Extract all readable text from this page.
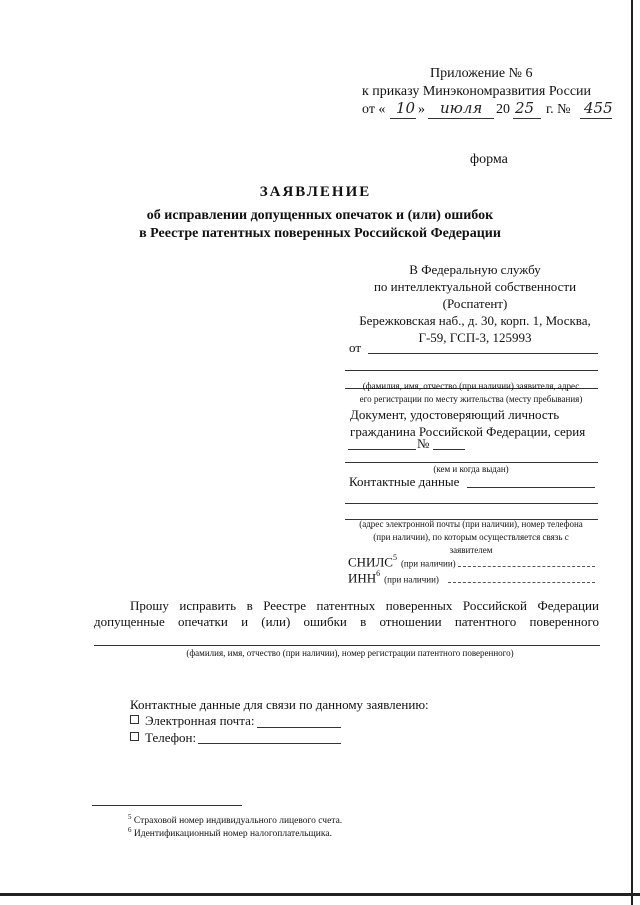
Приложение № 6
к приказу Минэкономразвития России
от « 10 » июля 20 25 г. № 455
форма
ЗАЯВЛЕНИЕ
об исправлении допущенных опечаток и (или) ошибок
в Реестре патентных поверенных Российской Федерации
В Федеральную службу
по интеллектуальной собственности
(Роспатент)
Бережковская наб., д. 30, корп. 1, Москва,
Г-59, ГСП-3, 125993
от
(фамилия, имя, отчество (при наличии) заявителя, адрес
его регистрации по месту жительства (месту пребывания)
Документ, удостоверяющий личность
гражданина Российской Федерации, серия
№
(кем и когда выдан)
Контактные данные
(адрес электронной почты (при наличии), номер телефона
(при наличии), по которым осуществляется связь с
заявителем
СНИЛС$^5$ (при наличии)
ИНН$^6$ (при наличии)
Прошу исправить в Реестре патентных поверенных Российской Федерации
допущенные опечатки и (или) ошибки в отношении патентного поверенного
(фамилия, имя, отчество (при наличии), номер регистрации патентного поверенного)
Контактные данные для связи по данному заявлению:
Электронная почта:
Телефон:
$^5$ Страховой номер индивидуального лицевого счета.
$^6$ Идентификационный номер налогоплательщика.
